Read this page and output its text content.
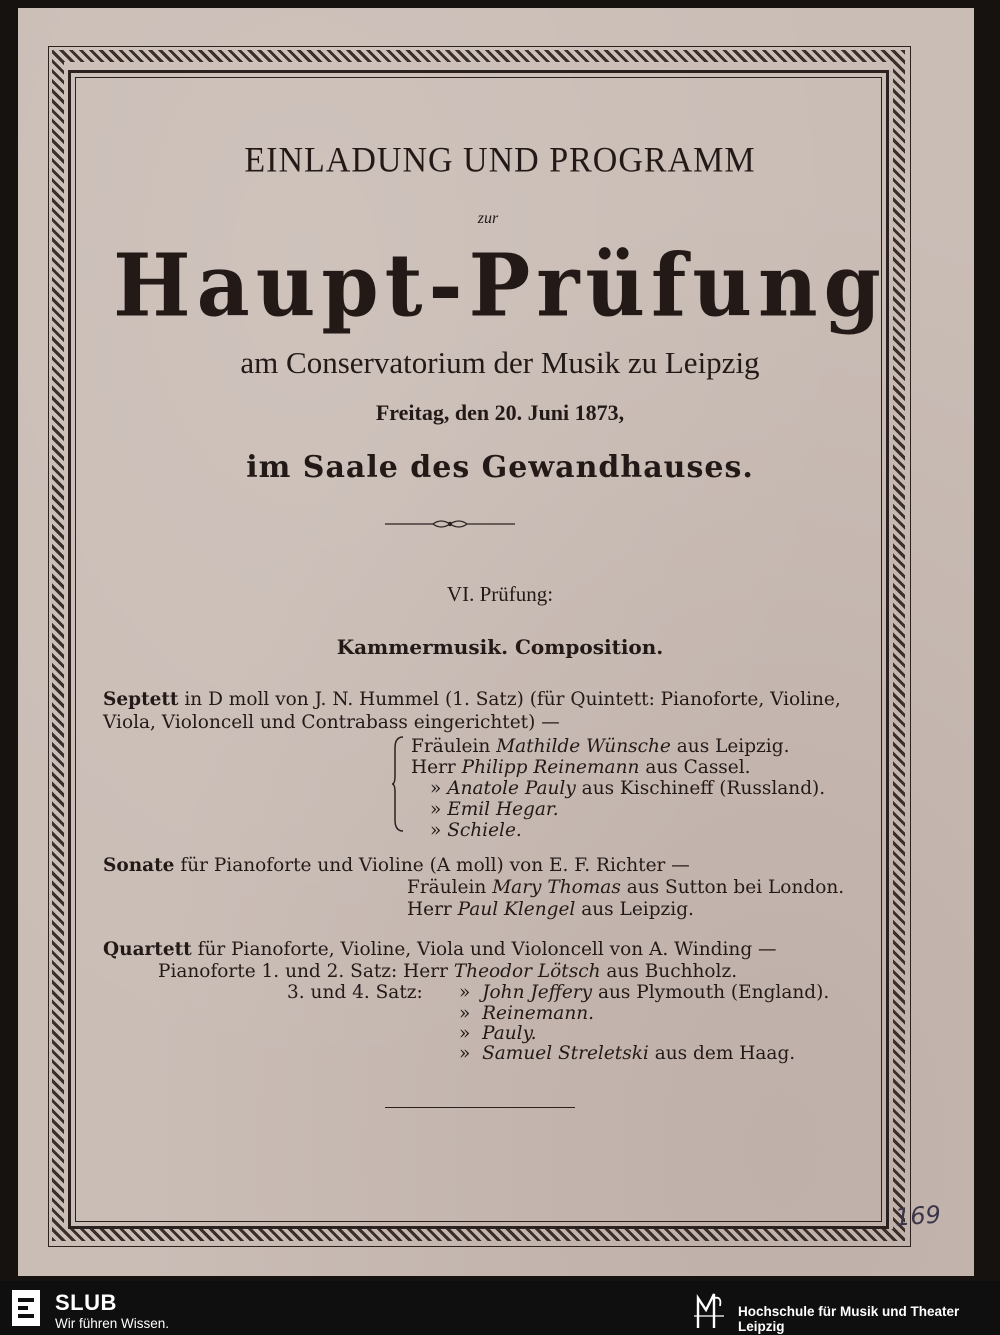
EINLADUNG UND PROGRAMM
zur
Haupt-Prüfung
am Conservatorium der Musik zu Leipzig
Freitag, den 20. Juni 1873,
im Saale des Gewandhauses.
VI. Prüfung:
Kammermusik. Composition.
Septett in D moll von J. N. Hummel (1. Satz) (für Quintett: Pianoforte, Violine,
Viola, Violoncell und Contrabass eingerichtet) —
Fräulein Mathilde Wünsche aus Leipzig.
Herr Philipp Reinemann aus Cassel.
» Anatole Pauly aus Kischineff (Russland).
» Emil Hegar.
» Schiele.
Sonate für Pianoforte und Violine (A moll) von E. F. Richter —
Fräulein Mary Thomas aus Sutton bei London.
Herr Paul Klengel aus Leipzig.
Quartett für Pianoforte, Violine, Viola und Violoncell von A. Winding —
Pianoforte 1. und 2. Satz: Herr Theodor Lötsch aus Buchholz.
3. und 4. Satz: » John Jeffery aus Plymouth (England).
» Reinemann.
» Pauly.
» Samuel Streletski aus dem Haag.
169
SLUB
Wir führen Wissen.
Hochschule für Musik und Theater Leipzig
